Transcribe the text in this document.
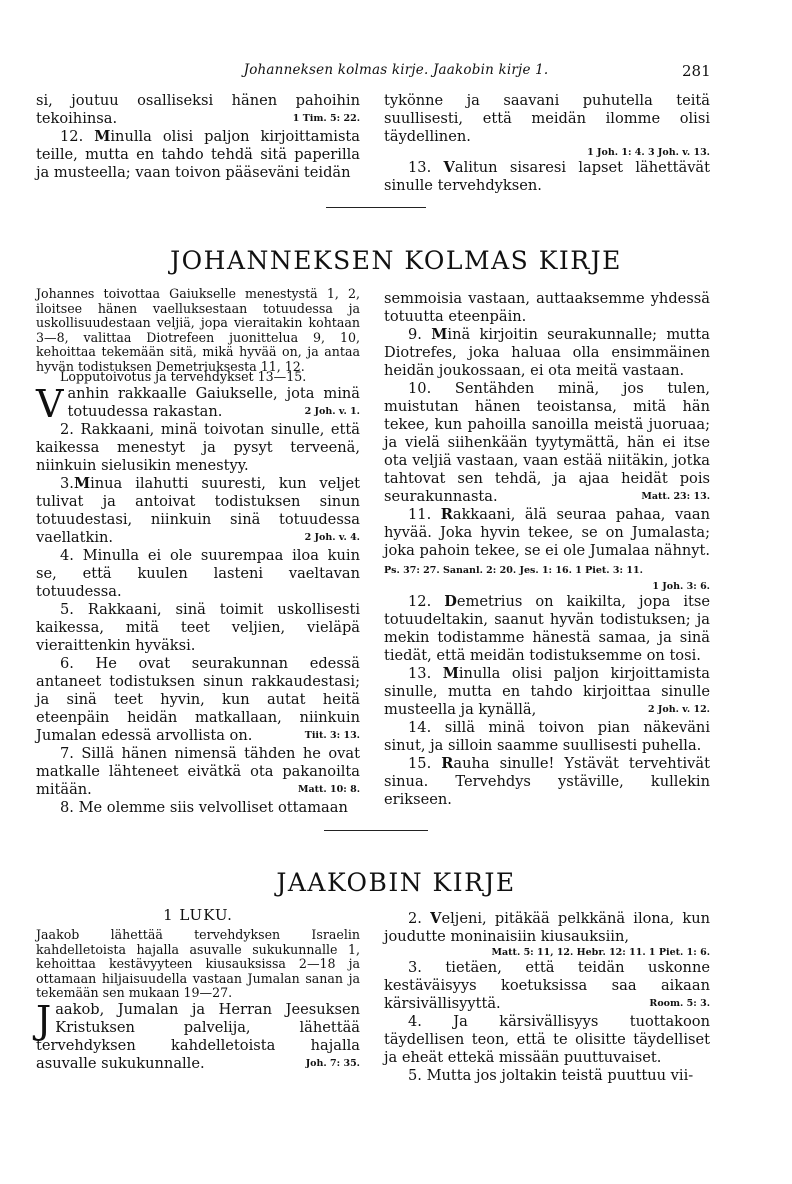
Johanneksen kolmas kirje. Jaakobin kirje 1.	281

si, joutuu osalliseksi hänen pahoihin tekoihinsa.	1 Tim. 5: 22.

12. Minulla olisi paljon kirjoittamista teille, mutta en tahdo tehdä sitä paperilla ja musteella; vaan toivon pääseväni teidän

tykönne ja saavani puhutella teitä suullisesti, että meidän ilomme olisi täydellinen.

1 Joh. 1: 4. 3 Joh. v. 13.

13. Valitun sisaresi lapset lähettävät sinulle tervehdyksen.

JOHANNEKSEN KOLMAS KIRJE

Johannes toivottaa Gaiukselle menestystä 1, 2, iloitsee hänen vaelluksestaan totuudessa ja uskollisuudestaan veljiä, jopa vieraitakin kohtaan 3—8, valittaa Diotrefeen juonittelua 9, 10, kehoittaa tekemään sitä, mikä hyvää on, ja antaa hyvän todistuksen Demetriuksesta 11, 12.

Lopputoivotus ja tervehdykset 13—15.

Vanhin rakkaalle Gaiukselle, jota minä totuudessa rakastan.	2 Joh. v. 1.

2. Rakkaani, minä toivotan sinulle, että kaikessa menestyt ja pysyt terveenä, niinkuin sielusikin menestyy.

3.Minua ilahutti suuresti, kun veljet tulivat ja antoivat todistuksen sinun totuudestasi, niinkuin sinä totuudessa vaellatkin.	2 Joh. v. 4.

4. Minulla ei ole suurempaa iloa kuin se, että kuulen lasteni vaeltavan totuudessa.

5. Rakkaani, sinä toimit uskollisesti kaikessa, mitä teet veljien, vieläpä vieraittenkin hyväksi.

6. He ovat seurakunnan edessä antaneet todistuksen sinun rakkaudestasi; ja sinä teet hyvin, kun autat heitä eteenpäin heidän matkallaan, niinkuin Jumalan edessä arvollista on.	Tiit. 3: 13.

7. Sillä hänen nimensä tähden he ovat matkalle lähteneet eivätkä ota pakanoilta mitään.	Matt. 10: 8.

8. Me olemme siis velvolliset ottamaan

semmoisia vastaan, auttaaksemme yhdessä totuutta eteenpäin.

9. Minä kirjoitin seurakunnalle; mutta Diotrefes, joka haluaa olla ensimmäinen heidän joukossaan, ei ota meitä vastaan.

10. Sentähden minä, jos tulen, muistutan hänen teoistansa, mitä hän tekee, kun pahoilla sanoilla meistä juoruaa; ja vielä siihenkään tyytymättä, hän ei itse ota veljiä vastaan, vaan estää niitäkin, jotka tahtovat sen tehdä, ja ajaa heidät pois seurakunnasta.	Matt. 23: 13.

11. Rakkaani, älä seuraa pahaa, vaan hyvää. Joka hyvin tekee, se on Jumalasta; joka pahoin tekee, se ei ole Jumalaa nähnyt. Ps. 37: 27. Sananl. 2: 20. Jes. 1: 16. 1 Piet. 3: 11.

1 Joh. 3: 6.

12. Demetrius on kaikilta, jopa itse totuudeltakin, saanut hyvän todistuksen; ja mekin todistamme hänestä samaa, ja sinä tiedät, että meidän todistuksemme on tosi.

13. Minulla olisi paljon kirjoittamista sinulle, mutta en tahdo kirjoittaa sinulle musteella ja kynällä,	2 Joh. v. 12.

14. sillä minä toivon pian näkeväni sinut, ja silloin saamme suullisesti puhella.

15. Rauha sinulle! Ystävät tervehtivät sinua. Tervehdys ystäville, kullekin erikseen.

JAAKOBIN KIRJE
1 LUKU.

Jaakob lähettää tervehdyksen Israelin kahdelletoista hajalla asuvalle sukukunnalle 1, kehoittaa kestävyyteen kiusauksissa 2—18 ja ottamaan hiljaisuudella vastaan Jumalan sanan ja tekemään sen mukaan 19—27.

Jaakob, Jumalan ja Herran Jeesuksen Kristuksen palvelija, lähettää tervehdyksen kahdelletoista hajalla asuvalle sukukunnalle.	Joh. 7: 35.

2. Veljeni, pitäkää pelkkänä ilona, kun joudutte moninaisiin kiusauksiin,

Matt. 5: 11, 12. Hebr. 12: 11. 1 Piet. 1: 6.

3. tietäen, että teidän uskonne kestäväisyys koetuksissa saa aikaan kärsivällisyyttä.	Room. 5: 3.

4. Ja kärsivällisyys tuottakoon täydellisen teon, että te olisitte täydelliset ja eheät ettekä missään puuttuvaiset.

5. Mutta jos joltakin teistä puuttuu vii-
